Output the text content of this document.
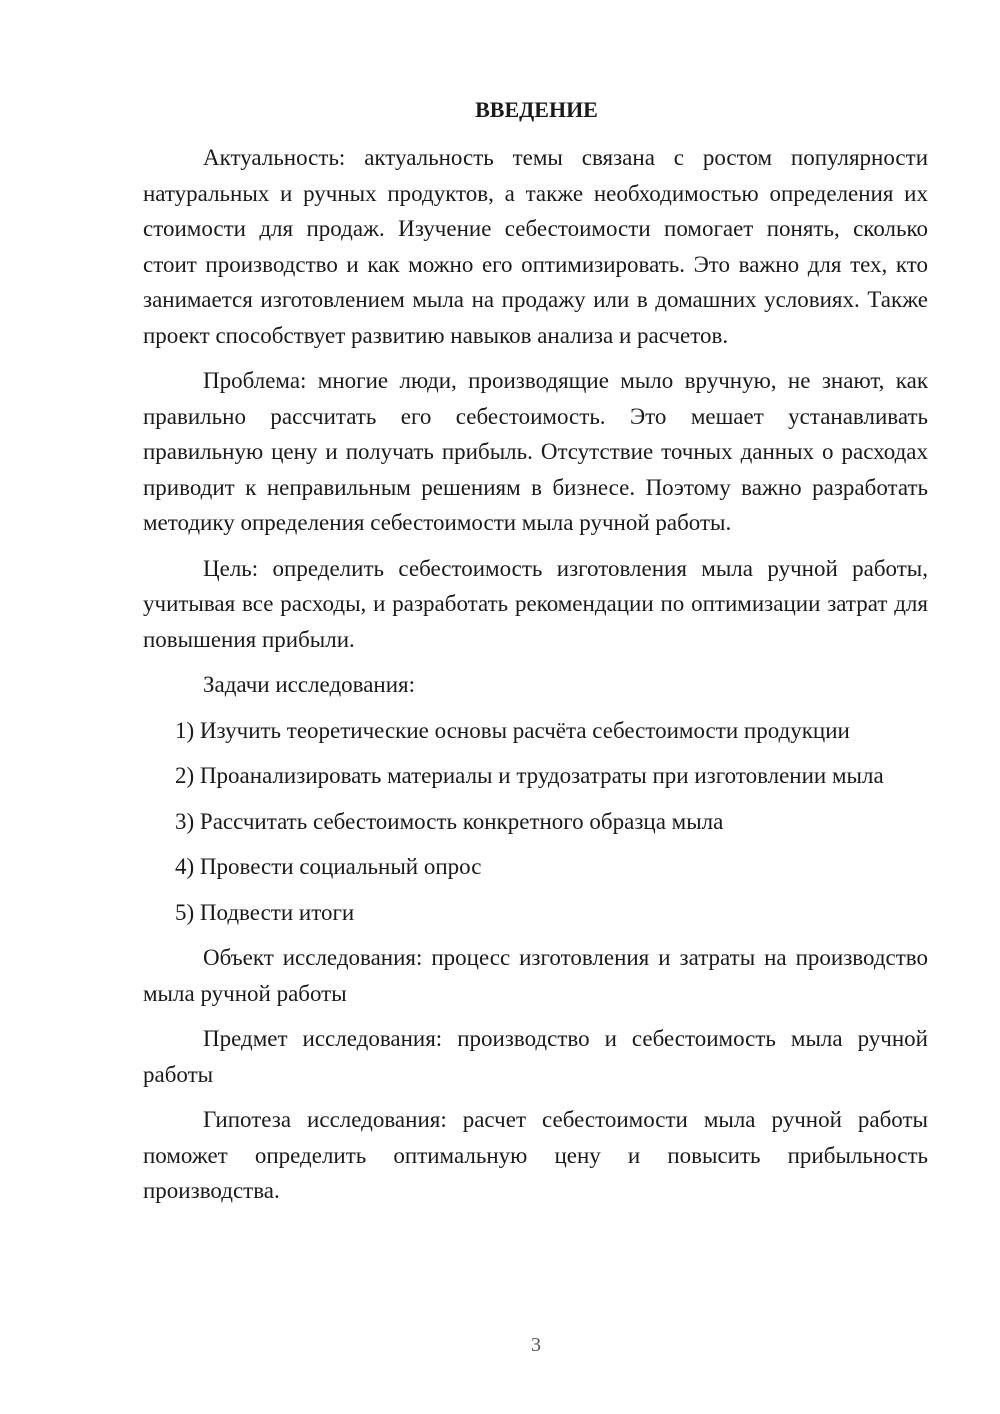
ВВЕДЕНИЕ

Актуальность: актуальность темы связана с ростом популярности натуральных и ручных продуктов, а также необходимостью определения их стоимости для продаж. Изучение себестоимости помогает понять, сколько стоит производство и как можно его оптимизировать. Это важно для тех, кто занимается изготовлением мыла на продажу или в домашних условиях. Также проект способствует развитию навыков анализа и расчетов.

Проблема: многие люди, производящие мыло вручную, не знают, как правильно рассчитать его себестоимость. Это мешает устанавливать правильную цену и получать прибыль. Отсутствие точных данных о расходах приводит к неправильным решениям в бизнесе. Поэтому важно разработать методику определения себестоимости мыла ручной работы.

Цель: определить себестоимость изготовления мыла ручной работы, учитывая все расходы, и разработать рекомендации по оптимизации затрат для повышения прибыли.

Задачи исследования:

1) Изучить теоретические основы расчёта себестоимости продукции

2) Проанализировать материалы и трудозатраты при изготовлении мыла

3) Рассчитать себестоимость конкретного образца мыла

4) Провести социальный опрос

5) Подвести итоги

Объект исследования: процесс изготовления и затраты на производство мыла ручной работы

Предмет исследования: производство и себестоимость мыла ручной работы

Гипотеза исследования: расчет себестоимости мыла ручной работы поможет определить оптимальную цену и повысить прибыльность производства.

3
